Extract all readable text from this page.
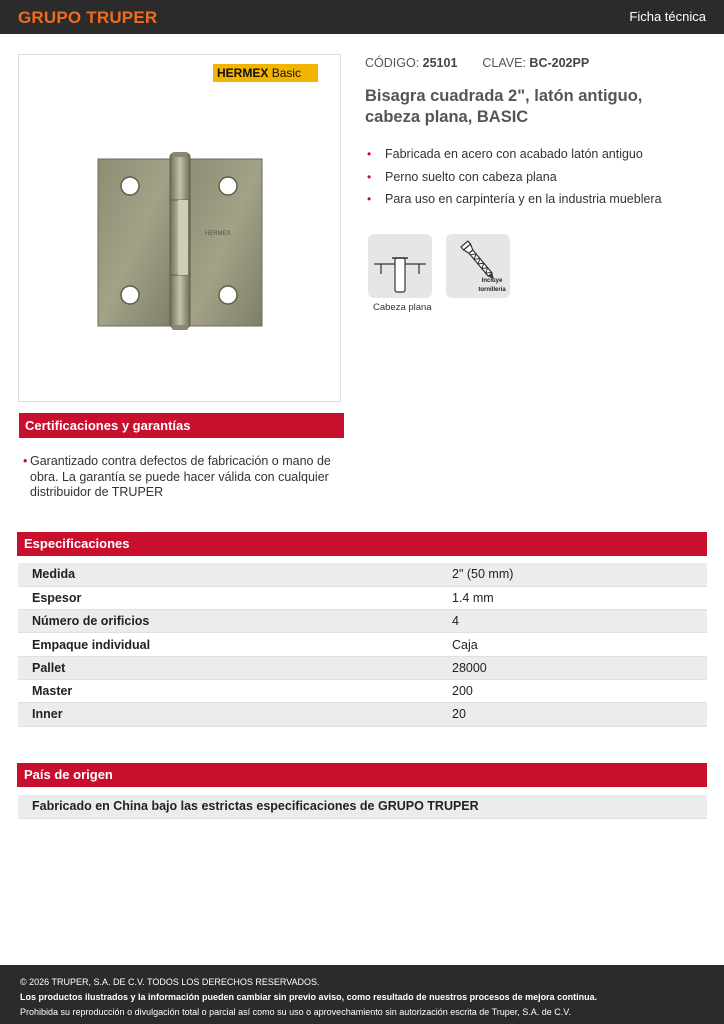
GRUPO TRUPER	Ficha técnica
HERMEX Basic
HERMEX
CÓDIGO: 25101 CLAVE: BC-202PP
Bisagra cuadrada 2", latón antiguo, cabeza plana, BASIC
• Fabricada en acero con acabado latón antiguo
• Perno suelto con cabeza plana
• Para uso en carpintería y en la industria mueblera
Cabeza plana
Incluye
tornillería
Certificaciones y garantías
• Garantizado contra defectos de fabricación o mano de obra. La garantía se puede hacer válida con cualquier distribuidor de TRUPER
Especificaciones
Medida	2" (50 mm)
Espesor	1.4 mm
Número de orificios	4
Empaque individual	Caja
Pallet	28000
Master	200
Inner	20
País de origen
Fabricado en China bajo las estrictas especificaciones de GRUPO TRUPER
© 2026 TRUPER, S.A. DE C.V. TODOS LOS DERECHOS RESERVADOS.
Los productos ilustrados y la información pueden cambiar sin previo aviso, como resultado de nuestros procesos de mejora continua.
Prohibida su reproducción o divulgación total o parcial así como su uso o aprovechamiento sin autorización escrita de Truper, S.A. de C.V.
